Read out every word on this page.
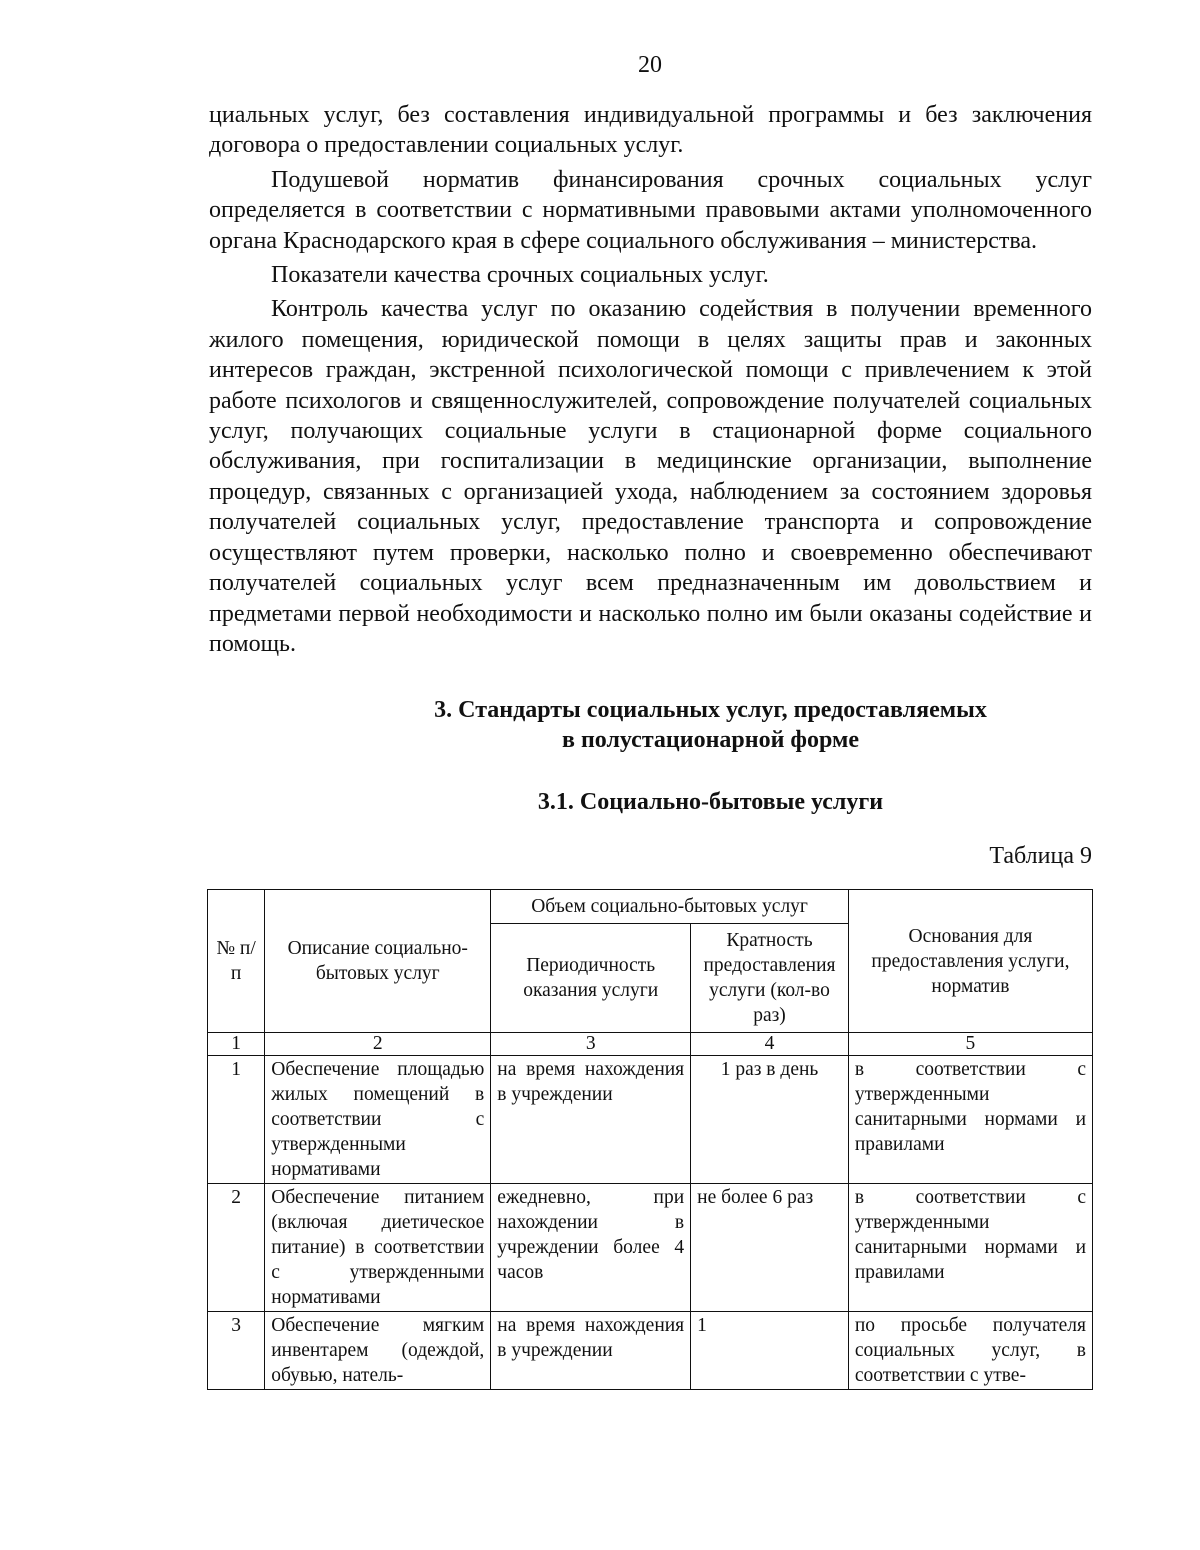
20

циальных услуг, без составления индивидуальной программы и без заключения договора о предоставлении социальных услуг.

Подушевой норматив финансирования срочных социальных услуг определяется в соответствии с нормативными правовыми актами уполномоченного органа Краснодарского края в сфере социального обслуживания – министерства.

Показатели качества срочных социальных услуг.

Контроль качества услуг по оказанию содействия в получении временного жилого помещения, юридической помощи в целях защиты прав и законных интересов граждан, экстренной психологической помощи с привлечением к этой работе психологов и священнослужителей, сопровождение получателей социальных услуг, получающих социальные услуги в стационарной форме социального обслуживания, при госпитализации в медицинские организации, выполнение процедур, связанных с организацией ухода, наблюдением за состоянием здоровья получателей социальных услуг, предоставление транспорта и сопровождение осуществляют путем проверки, насколько полно и своевременно обеспечивают получателей социальных услуг всем предназначенным им довольствием и предметами первой необходимости и насколько полно им были оказаны содействие и помощь.

3. Стандарты социальных услуг, предоставляемых
в полустационарной форме
3.1. Социально-бытовые услуги
Таблица 9
№ п/п	Описание социально-бытовых услуг	Объем социально-бытовых услуг		Основания для предоставления услуги, норматив
		Периодичность оказания услуги	Кратность предоставления услуги (кол-во раз)	
1	2	3	4	5
1	Обеспечение площадью жилых помещений в соответствии с утвержденными нормативами	на время нахождения в учреждении	1 раз в день	в соответствии с утвержденными санитарными нормами и правилами
2	Обеспечение питанием (включая диетическое питание) в соответствии с утвержденными нормативами	ежедневно, при нахождении в учреждении более 4 часов	не более 6 раз	в соответствии с утвержденными санитарными нормами и правилами
3	Обеспечение мягким инвентарем (одеждой, обувью, натель-	на время нахождения в учреждении	1	по просьбе получателя социальных услуг, в соответствии с утве-
